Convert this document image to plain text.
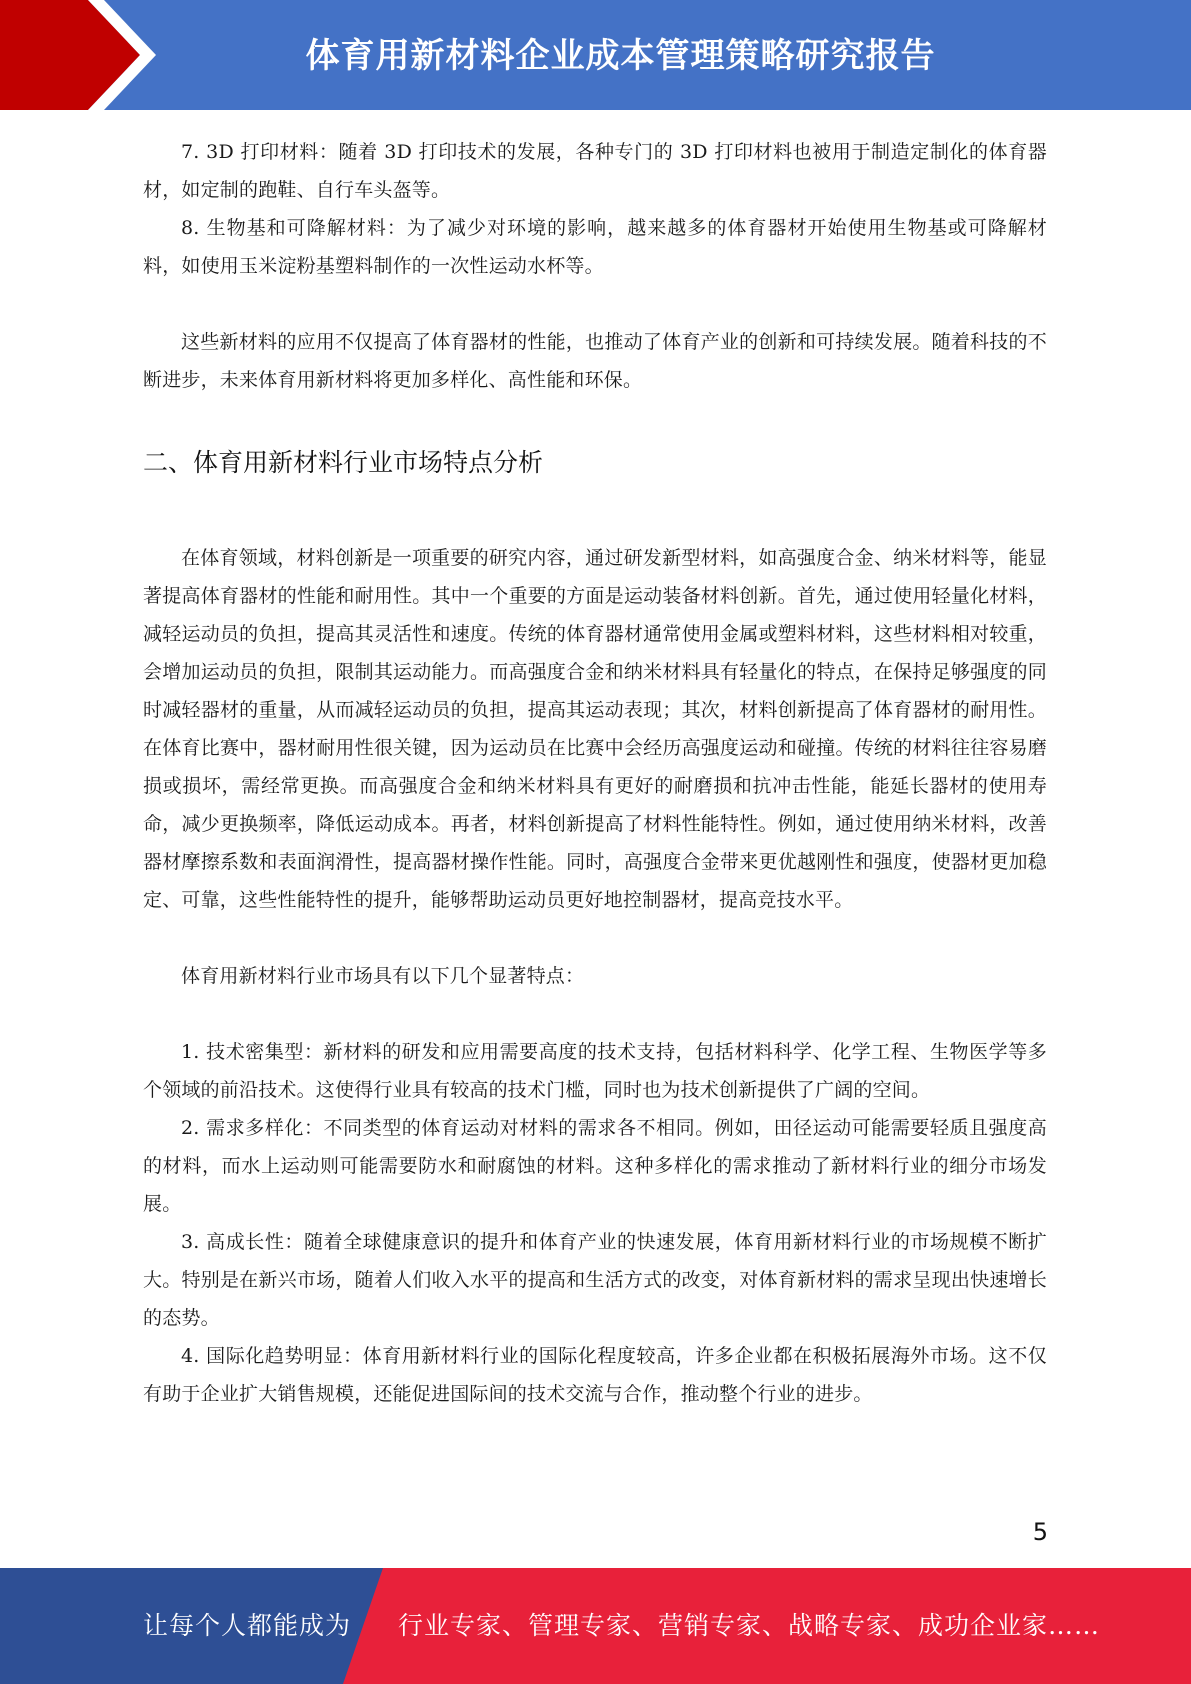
体育用新材料企业成本管理策略研究报告

7. 3D 打印材料：随着 3D 打印技术的发展，各种专门的 3D 打印材料也被用于制造定制化的体育器材，如定制的跑鞋、自行车头盔等。

8. 生物基和可降解材料：为了减少对环境的影响，越来越多的体育器材开始使用生物基或可降解材料，如使用玉米淀粉基塑料制作的一次性运动水杯等。

这些新材料的应用不仅提高了体育器材的性能，也推动了体育产业的创新和可持续发展。随着科技的不断进步，未来体育用新材料将更加多样化、高性能和环保。

二、体育用新材料行业市场特点分析

在体育领域，材料创新是一项重要的研究内容，通过研发新型材料，如高强度合金、纳米材料等，能显著提高体育器材的性能和耐用性。其中一个重要的方面是运动装备材料创新。首先，通过使用轻量化材料，减轻运动员的负担，提高其灵活性和速度。传统的体育器材通常使用金属或塑料材料，这些材料相对较重，会增加运动员的负担，限制其运动能力。而高强度合金和纳米材料具有轻量化的特点，在保持足够强度的同时减轻器材的重量，从而减轻运动员的负担，提高其运动表现；其次，材料创新提高了体育器材的耐用性。在体育比赛中，器材耐用性很关键，因为运动员在比赛中会经历高强度运动和碰撞。传统的材料往往容易磨损或损坏，需经常更换。而高强度合金和纳米材料具有更好的耐磨损和抗冲击性能，能延长器材的使用寿命，减少更换频率，降低运动成本。再者，材料创新提高了材料性能特性。例如，通过使用纳米材料，改善器材摩擦系数和表面润滑性，提高器材操作性能。同时，高强度合金带来更优越刚性和强度，使器材更加稳定、可靠，这些性能特性的提升，能够帮助运动员更好地控制器材，提高竞技水平。

体育用新材料行业市场具有以下几个显著特点：

1. 技术密集型：新材料的研发和应用需要高度的技术支持，包括材料科学、化学工程、生物医学等多个领域的前沿技术。这使得行业具有较高的技术门槛，同时也为技术创新提供了广阔的空间。

2. 需求多样化：不同类型的体育运动对材料的需求各不相同。例如，田径运动可能需要轻质且强度高的材料，而水上运动则可能需要防水和耐腐蚀的材料。这种多样化的需求推动了新材料行业的细分市场发展。

3. 高成长性：随着全球健康意识的提升和体育产业的快速发展，体育用新材料行业的市场规模不断扩大。特别是在新兴市场，随着人们收入水平的提高和生活方式的改变，对体育新材料的需求呈现出快速增长的态势。

4. 国际化趋势明显：体育用新材料行业的国际化程度较高，许多企业都在积极拓展海外市场。这不仅有助于企业扩大销售规模，还能促进国际间的技术交流与合作，推动整个行业的进步。

5
让每个人都能成为 行业专家、管理专家、营销专家、战略专家、成功企业家……
